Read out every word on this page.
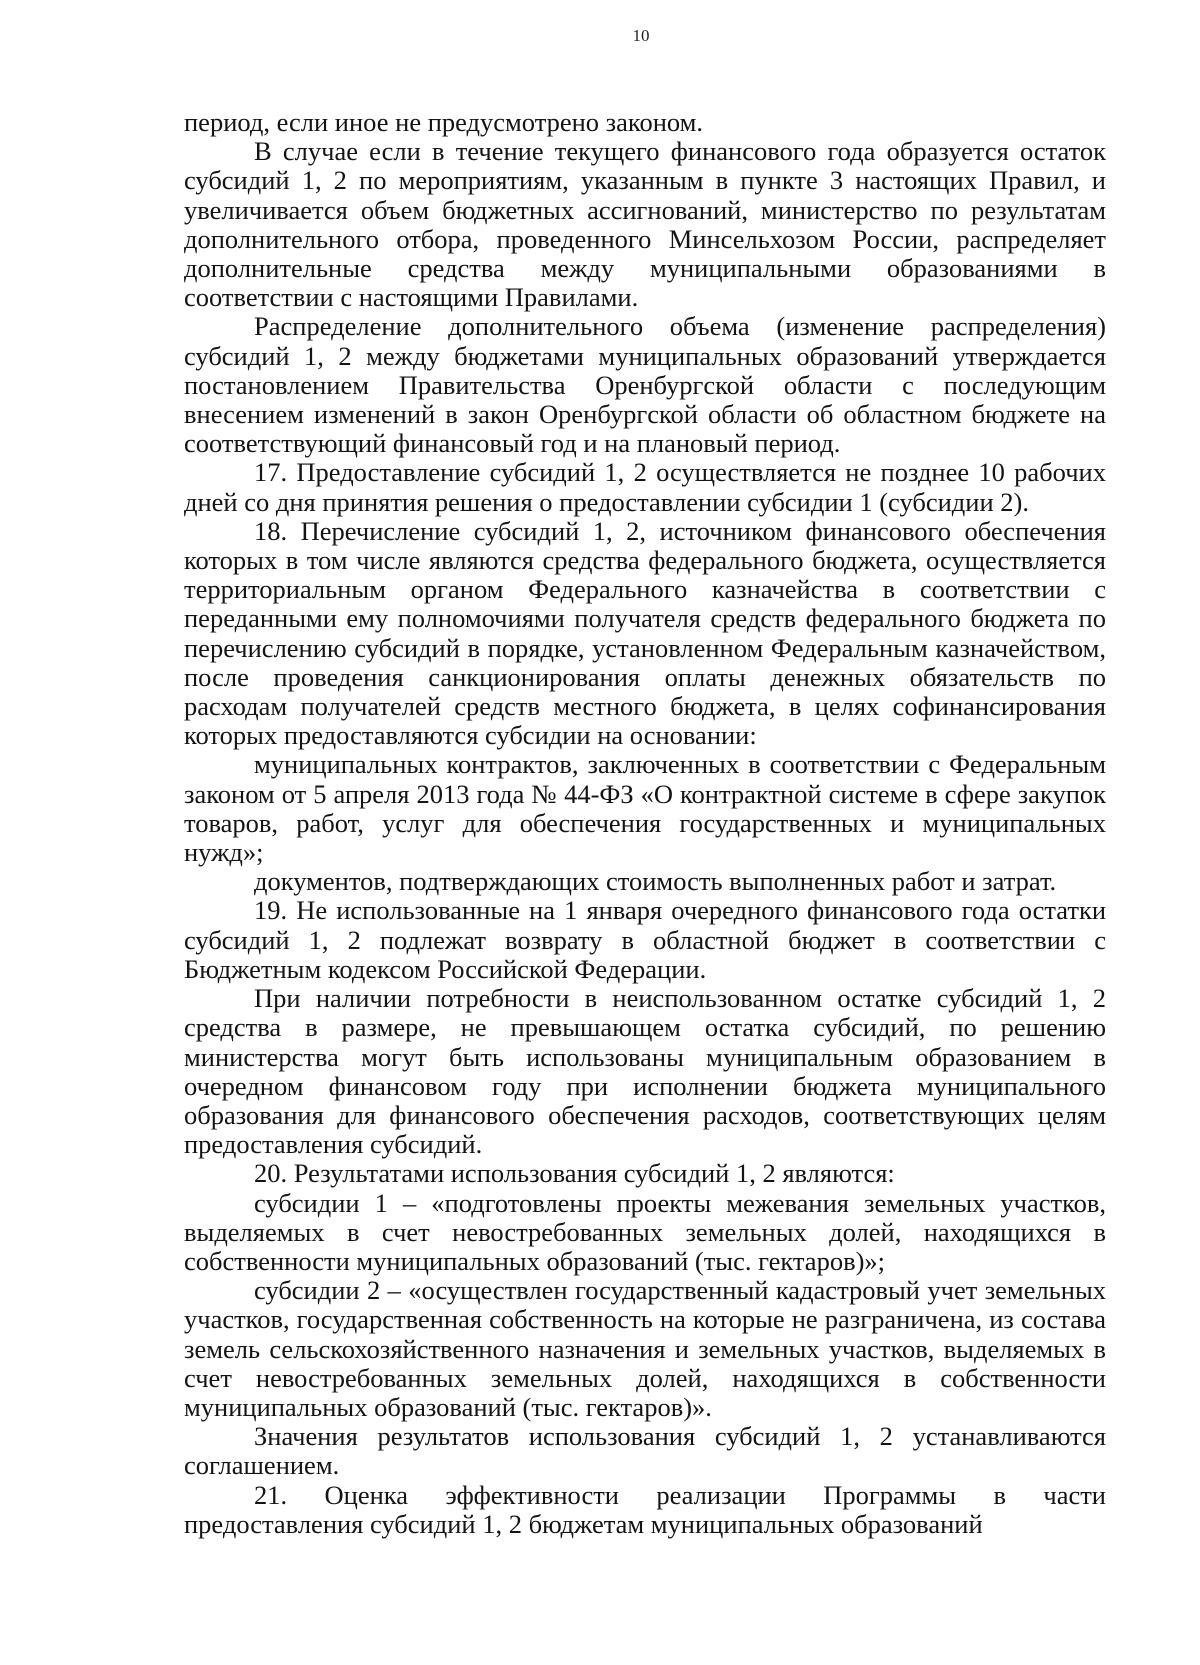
10

период, если иное не предусмотрено законом.

В случае если в течение текущего финансового года образуется остаток субсидий 1, 2 по мероприятиям, указанным в пункте 3 настоящих Правил, и увеличивается объем бюджетных ассигнований, министерство по результатам дополнительного отбора, проведенного Минсельхозом России, распределяет дополнительные средства между муниципальными образованиями в соответствии с настоящими Правилами.

Распределение дополнительного объема (изменение распределения) субсидий 1, 2 между бюджетами муниципальных образований утверждается постановлением Правительства Оренбургской области с последующим внесением изменений в закон Оренбургской области об областном бюджете на соответствующий финансовый год и на плановый период.

17. Предоставление субсидий 1, 2 осуществляется не позднее 10 рабочих дней со дня принятия решения о предоставлении субсидии 1 (субсидии 2).

18. Перечисление субсидий 1, 2, источником финансового обеспечения которых в том числе являются средства федерального бюджета, осуществляется территориальным органом Федерального казначейства в соответствии с переданными ему полномочиями получателя средств федерального бюджета по перечислению субсидий в порядке, установленном Федеральным казначейством, после проведения санкционирования оплаты денежных обязательств по расходам получателей средств местного бюджета, в целях софинансирования которых предоставляются субсидии на основании:

муниципальных контрактов, заключенных в соответствии с Федеральным законом от 5 апреля 2013 года № 44-ФЗ «О контрактной системе в сфере закупок товаров, работ, услуг для обеспечения государственных и муниципальных нужд»;

документов, подтверждающих стоимость выполненных работ и затрат.

19. Не использованные на 1 января очередного финансового года остатки субсидий 1, 2 подлежат возврату в областной бюджет в соответствии с Бюджетным кодексом Российской Федерации.

При наличии потребности в неиспользованном остатке субсидий 1, 2 средства в размере, не превышающем остатка субсидий, по решению министерства могут быть использованы муниципальным образованием в очередном финансовом году при исполнении бюджета муниципального образования для финансового обеспечения расходов, соответствующих целям предоставления субсидий.

20. Результатами использования субсидий 1, 2 являются:

субсидии 1 – «подготовлены проекты межевания земельных участков, выделяемых в счет невостребованных земельных долей, находящихся в собственности муниципальных образований (тыс. гектаров)»;

субсидии 2 – «осуществлен государственный кадастровый учет земельных участков, государственная собственность на которые не разграничена, из состава земель сельскохозяйственного назначения и земельных участков, выделяемых в счет невостребованных земельных долей, находящихся в собственности муниципальных образований (тыс. гектаров)».

Значения результатов использования субсидий 1, 2 устанавливаются соглашением.

21. Оценка эффективности реализации Программы в части предоставления субсидий 1, 2 бюджетам муниципальных образований
